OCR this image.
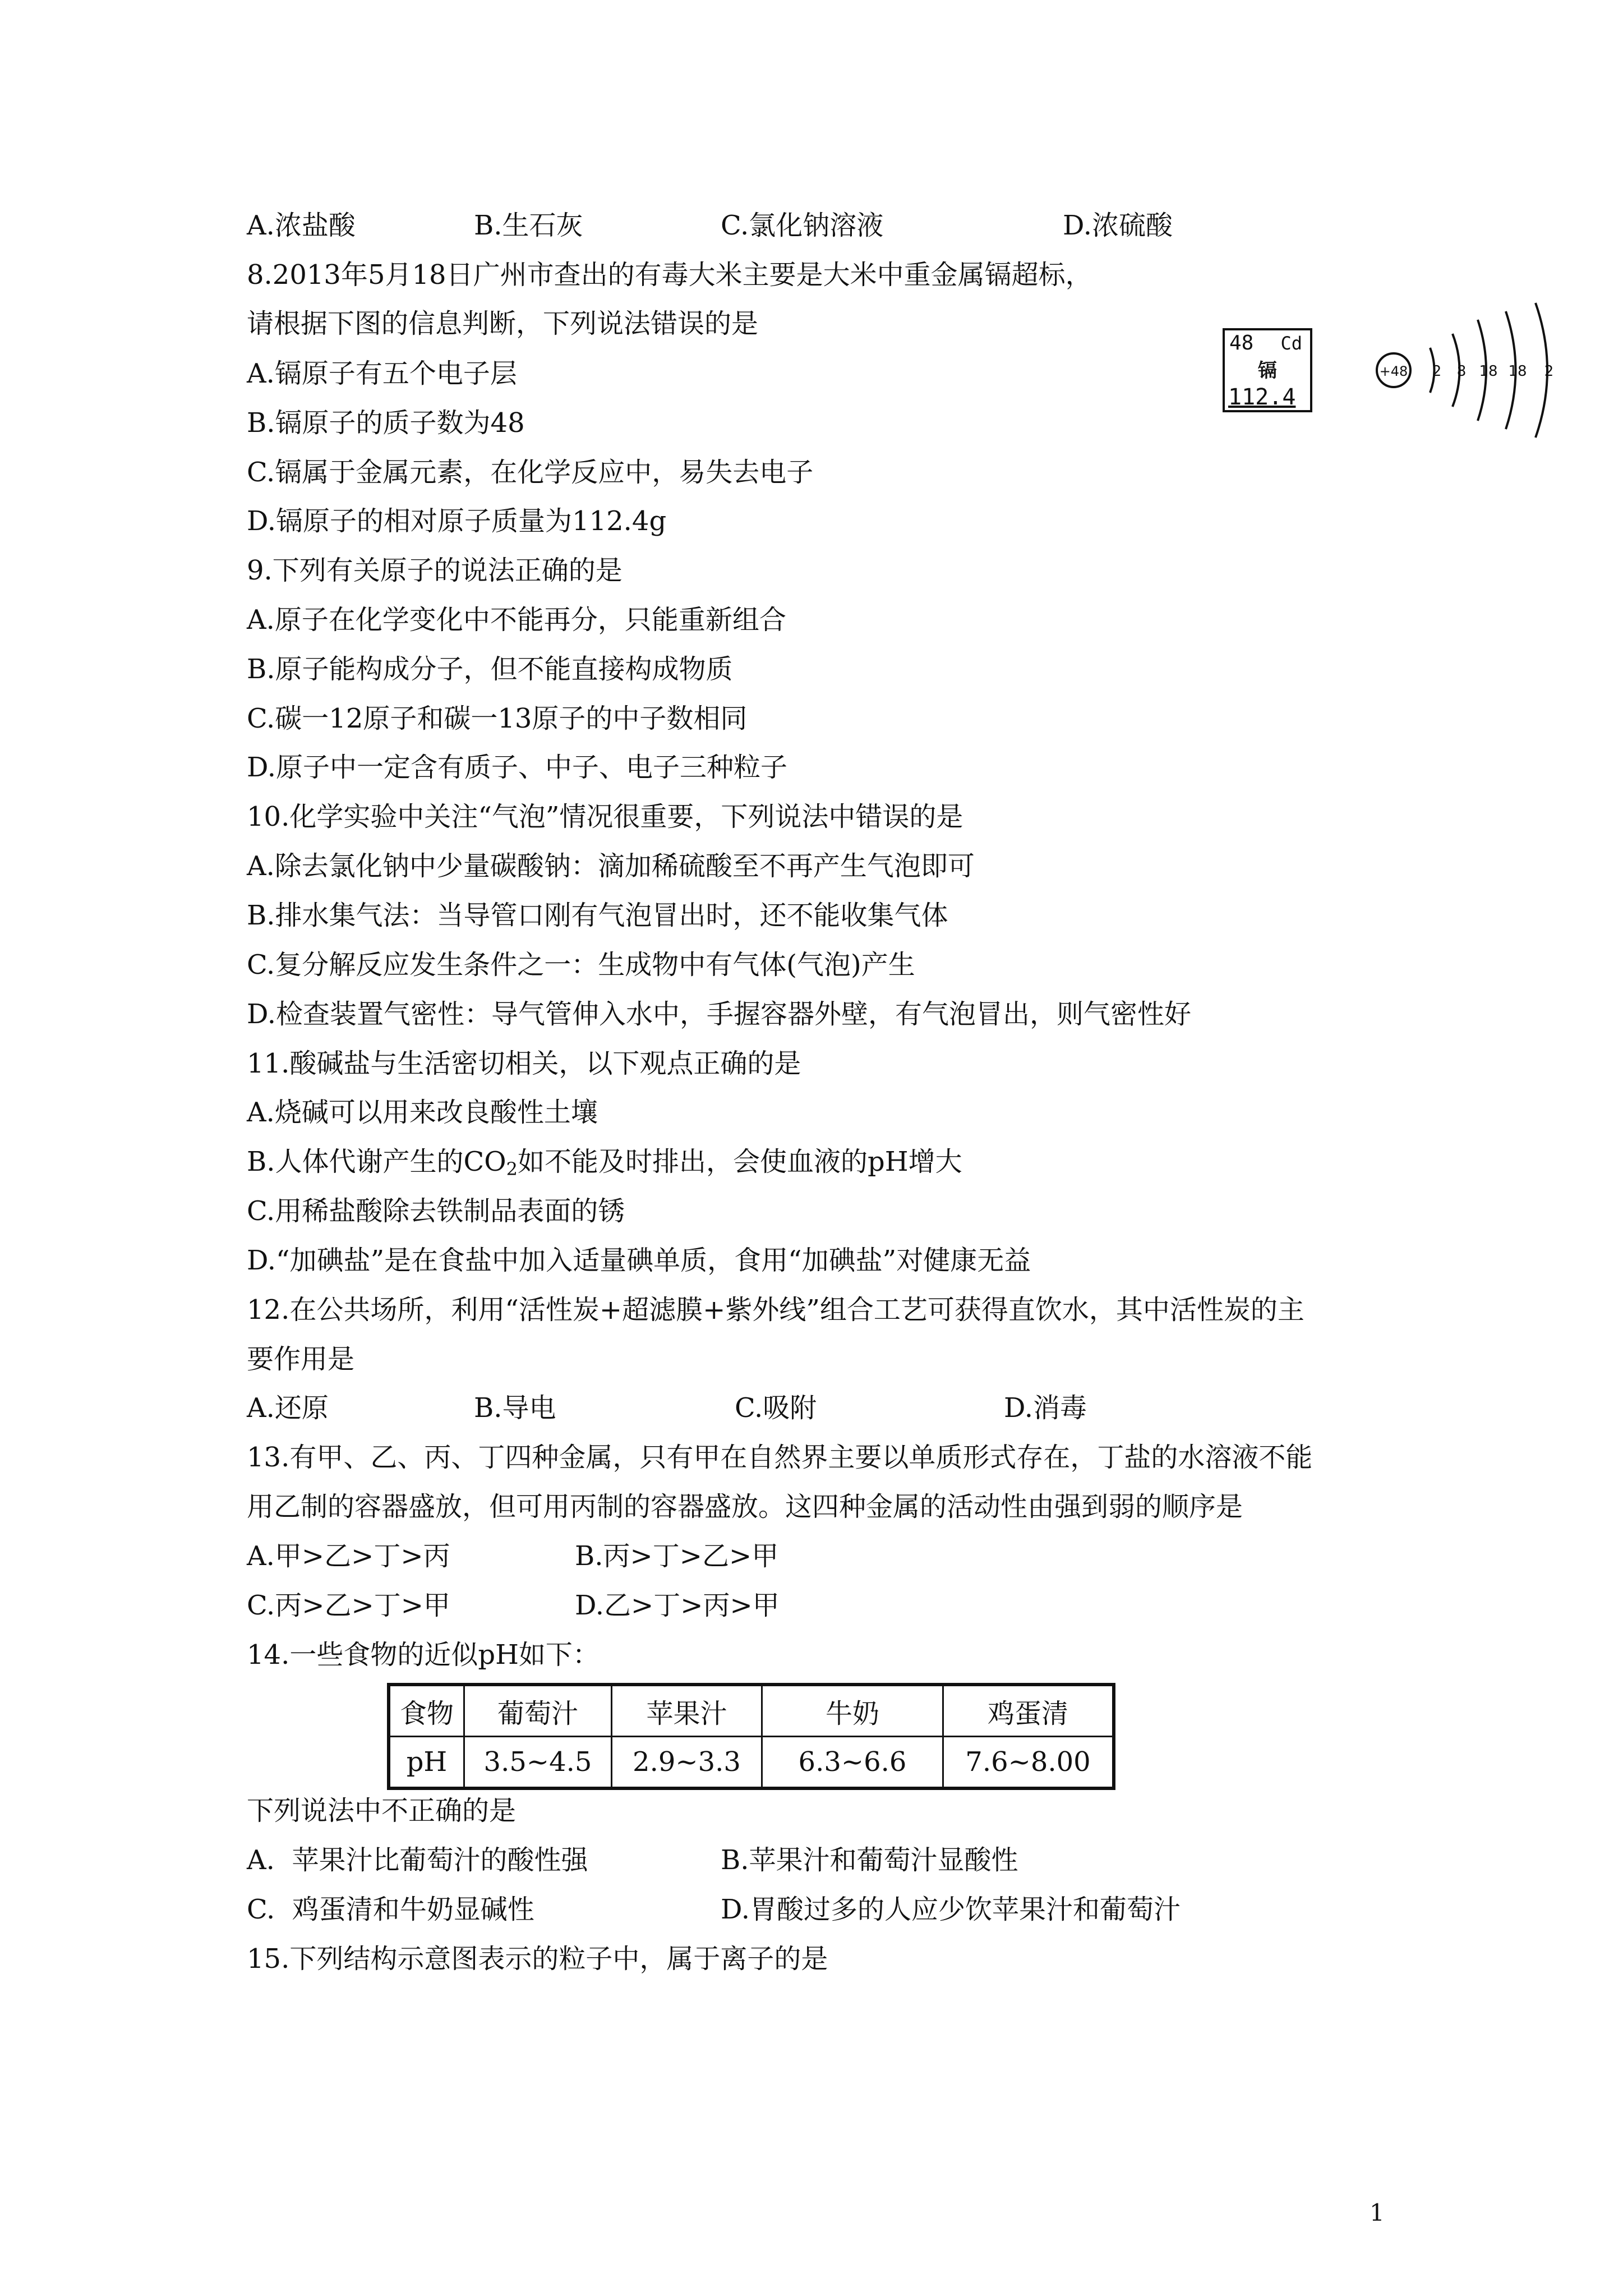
A.浓盐酸	B.生石灰	C.氯化钠溶液	D.浓硫酸
8.2013年5月18日广州市查出的有毒大米主要是大米中重金属镉超标，
请根据下图的信息判断，下列说法错误的是
A.镉原子有五个电子层
B.镉原子的质子数为48
C.镉属于金属元素，在化学反应中，易失去电子
D.镉原子的相对原子质量为112.4g
48 Cd
镉
112.4
+48 2 8 18 18 2
9.下列有关原子的说法正确的是
A.原子在化学变化中不能再分，只能重新组合
B.原子能构成分子，但不能直接构成物质
C.碳一12原子和碳一13原子的中子数相同
D.原子中一定含有质子、中子、电子三种粒子
10.化学实验中关注“气泡”情况很重要，下列说法中错误的是
A.除去氯化钠中少量碳酸钠：滴加稀硫酸至不再产生气泡即可
B.排水集气法：当导管口刚有气泡冒出时，还不能收集气体
C.复分解反应发生条件之一：生成物中有气体(气泡)产生
D.检查装置气密性：导气管伸入水中，手握容器外壁，有气泡冒出，则气密性好
11.酸碱盐与生活密切相关，以下观点正确的是
A.烧碱可以用来改良酸性土壤
B.人体代谢产生的$CO_2$如不能及时排出，会使血液的pH增大
C.用稀盐酸除去铁制品表面的锈
D.“加碘盐”是在食盐中加入适量碘单质，食用“加碘盐”对健康无益
12.在公共场所，利用“活性炭+超滤膜+紫外线”组合工艺可获得直饮水，其中活性炭的主
要作用是
A.还原	B.导电	C.吸附	D.消毒
13.有甲、乙、丙、丁四种金属，只有甲在自然界主要以单质形式存在，丁盐的水溶液不能
用乙制的容器盛放，但可用丙制的容器盛放。这四种金属的活动性由强到弱的顺序是
A.甲>乙>丁>丙	B.丙>丁>乙>甲
C.丙>乙>丁>甲	D.乙>丁>丙>甲
14.一些食物的近似pH如下：
食物	葡萄汁	苹果汁	牛奶	鸡蛋清
pH	3.5~4.5	2.9~3.3	6.3~6.6	7.6~8.00
下列说法中不正确的是
A.  苹果汁比葡萄汁的酸性强	B.苹果汁和葡萄汁显酸性
C.  鸡蛋清和牛奶显碱性	D.胃酸过多的人应少饮苹果汁和葡萄汁
15.下列结构示意图表示的粒子中，属于离子的是
1
